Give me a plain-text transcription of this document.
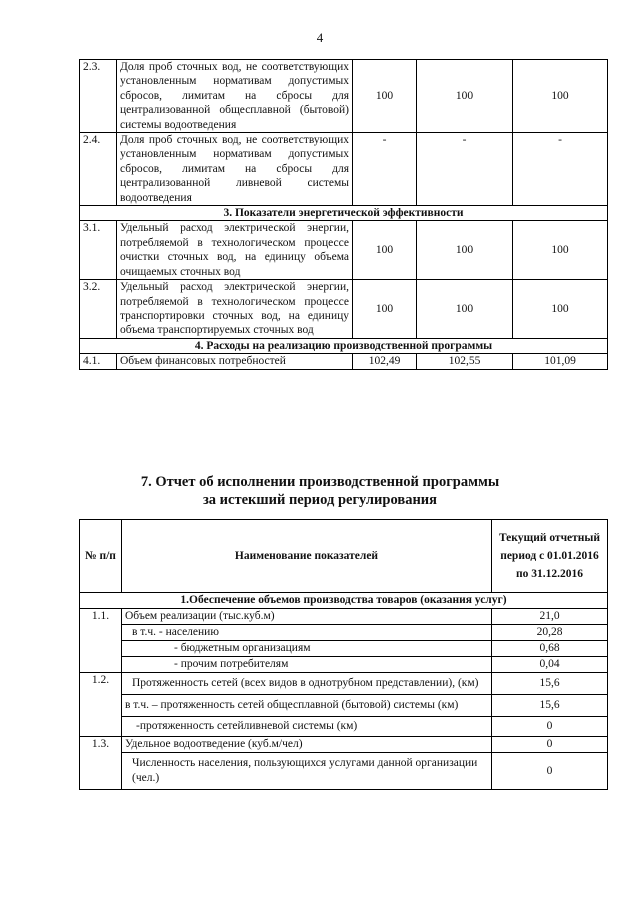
4
2.3.	Доля проб сточных вод, не соответствующих установленным нормативам допустимых сбросов, лимитам на сбросы для централизованной общесплавной (бытовой) системы водоотведения	100	100	100
2.4.	Доля проб сточных вод, не соответствующих установленным нормативам допустимых сбросов, лимитам на сбросы для централизованной ливневой системы водоотведения	-	-	-
3. Показатели энергетической эффективности				
3.1.	Удельный расход электрической энергии, потребляемой в технологическом процессе очистки сточных вод, на единицу объема очищаемых сточных вод	100	100	100
3.2.	Удельный расход электрической энергии, потребляемой в технологическом процессе транспортировки сточных вод, на единицу объема транспортируемых сточных вод	100	100	100
4. Расходы на реализацию производственной программы				
4.1.	Объем финансовых потребностей	102,49	102,55	101,09
7. Отчет об исполнении производственной программы
за истекший период регулирования
№ п/п	Наименование показателей	Текущий отчетный период с 01.01.2016 по 31.12.2016
1.Обеспечение объемов производства товаров (оказания услуг)		
1.1.	Объем реализации (тыс.куб.м)	21,0
	в т.ч. - населению	20,28
	- бюджетным организациям	0,68
	- прочим потребителям	0,04
1.2.	Протяженность сетей (всех видов в однотрубном представлении), (км)	15,6
	в т.ч. – протяженность сетей общесплавной (бытовой) системы (км)	15,6
	-протяженность сетейливневой системы (км)	0
1.3.	Удельное водоотведение (куб.м/чел)	0
	Численность населения, пользующихся услугами данной организации (чел.)	0
